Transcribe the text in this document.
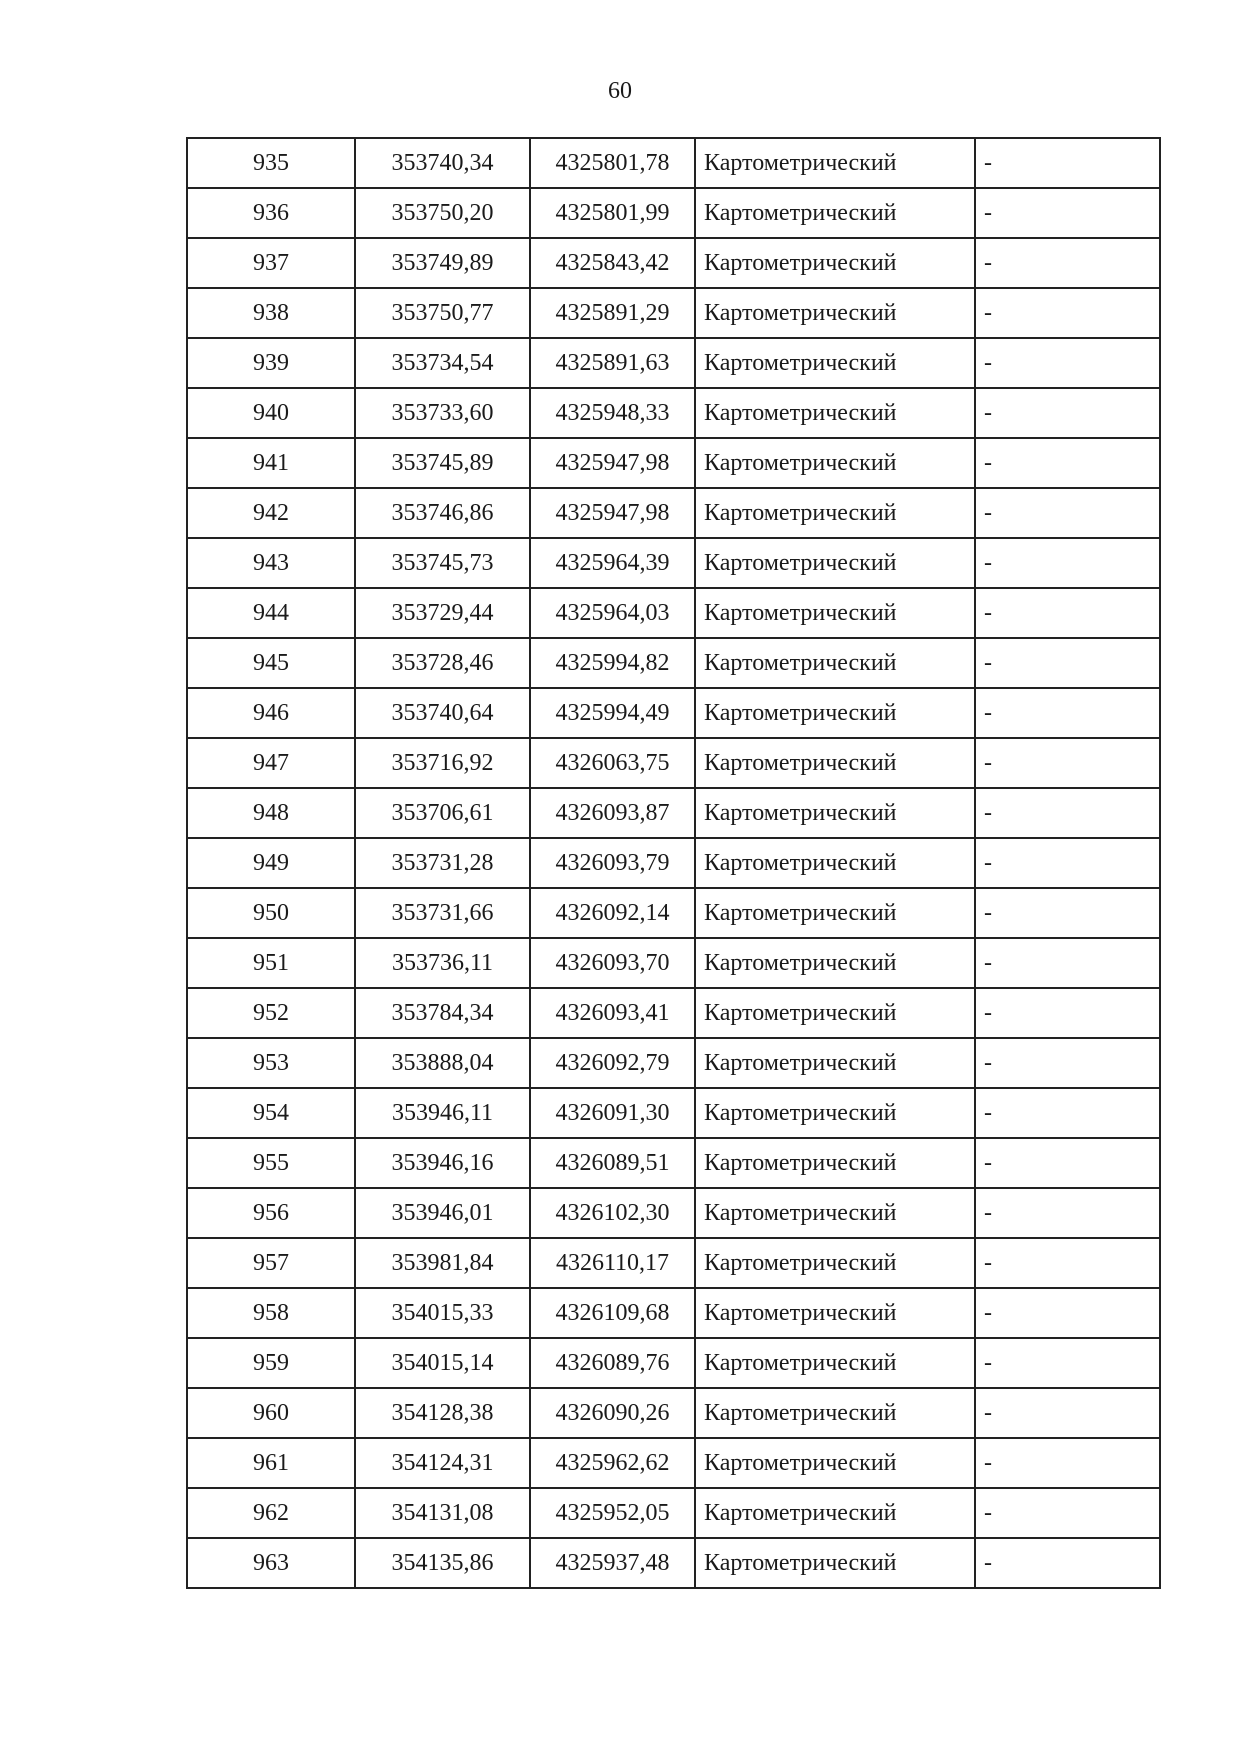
60
935	353740,34	4325801,78	Картометрический	-
936	353750,20	4325801,99	Картометрический	-
937	353749,89	4325843,42	Картометрический	-
938	353750,77	4325891,29	Картометрический	-
939	353734,54	4325891,63	Картометрический	-
940	353733,60	4325948,33	Картометрический	-
941	353745,89	4325947,98	Картометрический	-
942	353746,86	4325947,98	Картометрический	-
943	353745,73	4325964,39	Картометрический	-
944	353729,44	4325964,03	Картометрический	-
945	353728,46	4325994,82	Картометрический	-
946	353740,64	4325994,49	Картометрический	-
947	353716,92	4326063,75	Картометрический	-
948	353706,61	4326093,87	Картометрический	-
949	353731,28	4326093,79	Картометрический	-
950	353731,66	4326092,14	Картометрический	-
951	353736,11	4326093,70	Картометрический	-
952	353784,34	4326093,41	Картометрический	-
953	353888,04	4326092,79	Картометрический	-
954	353946,11	4326091,30	Картометрический	-
955	353946,16	4326089,51	Картометрический	-
956	353946,01	4326102,30	Картометрический	-
957	353981,84	4326110,17	Картометрический	-
958	354015,33	4326109,68	Картометрический	-
959	354015,14	4326089,76	Картометрический	-
960	354128,38	4326090,26	Картометрический	-
961	354124,31	4325962,62	Картометрический	-
962	354131,08	4325952,05	Картометрический	-
963	354135,86	4325937,48	Картометрический	-
